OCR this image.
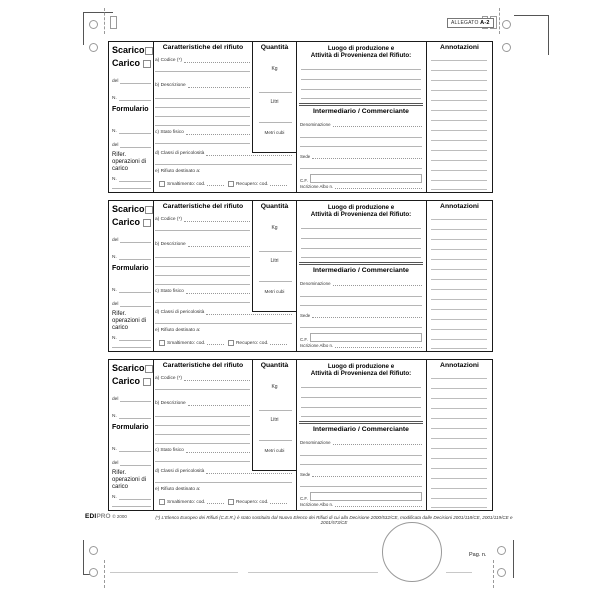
ALLEGATO A-2
Scarico
Carico
del
N.
Formulario
N.
del
Rifer. operazioni di carico
N.
Caratteristiche del rifiuto
a) Codice (*)
b) Descrizione
c) Stato fisico
d) Classi di pericolosità
e) Rifiuto destinato a:
Smaltimento: cod.	Recupero: cod.
Quantità
Kg
Litri
Metri cubi
Luogo di produzione e
Attività di Provenienza del Rifiuto:
Intermediario / Commerciante
Denominazione
Sede
C.F.
Iscrizione Albo n.
Annotazioni
Scarico
Carico
del
N.
Formulario
N.
del
Rifer. operazioni di carico
N.
Caratteristiche del rifiuto
a) Codice (*)
b) Descrizione
c) Stato fisico
d) Classi di pericolosità
e) Rifiuto destinato a:
Smaltimento: cod.	Recupero: cod.
Quantità
Kg
Litri
Metri cubi
Luogo di produzione e
Attività di Provenienza del Rifiuto:
Intermediario / Commerciante
Denominazione
Sede
C.F.
Iscrizione Albo n.
Annotazioni
Scarico
Carico
del
N.
Formulario
N.
del
Rifer. operazioni di carico
N.
Caratteristiche del rifiuto
a) Codice (*)
b) Descrizione
c) Stato fisico
d) Classi di pericolosità
e) Rifiuto destinato a:
Smaltimento: cod.	Recupero: cod.
Quantità
Kg
Litri
Metri cubi
Luogo di produzione e
Attività di Provenienza del Rifiuto:
Intermediario / Commerciante
Denominazione
Sede
C.F.
Iscrizione Albo n.
Annotazioni
EDIPRO © 2000	(*) L'Elenco Europeo dei Rifiuti (C.E.R.) è stato sostituito dal Nuovo Elenco dei Rifiuti di cui alla Decisione 2000/532/CE, modificata dalle Decisioni 2001/118/CE, 2001/119/CE e 2001/573/CE
Pag. n.
